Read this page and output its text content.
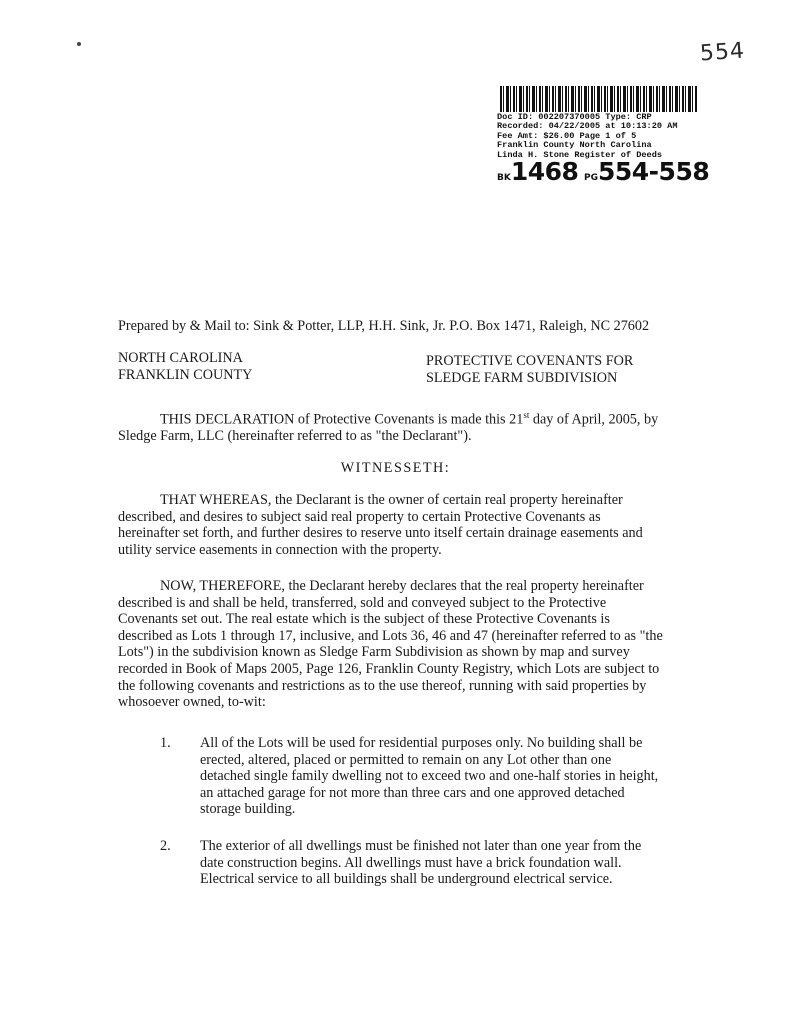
554
Doc ID: 002207370005 Type: CRP
Recorded: 04/22/2005 at 10:13:20 AM
Fee Amt: $26.00 Page 1 of 5
Franklin County North Carolina
Linda H. Stone Register of Deeds
BK1468 PG554-558
Prepared by & Mail to: Sink & Potter, LLP, H.H. Sink, Jr. P.O. Box 1471, Raleigh, NC 27602
NORTH CAROLINA
FRANKLIN COUNTY
PROTECTIVE COVENANTS FOR
SLEDGE FARM SUBDIVISION
THIS DECLARATION of Protective Covenants is made this 21st day of April, 2005, by Sledge Farm, LLC (hereinafter referred to as "the Declarant").
WITNESSETH:
THAT WHEREAS, the Declarant is the owner of certain real property hereinafter described, and desires to subject said real property to certain Protective Covenants as hereinafter set forth, and further desires to reserve unto itself certain drainage easements and utility service easements in connection with the property.
NOW, THEREFORE, the Declarant hereby declares that the real property hereinafter described is and shall be held, transferred, sold and conveyed subject to the Protective Covenants set out. The real estate which is the subject of these Protective Covenants is described as Lots 1 through 17, inclusive, and Lots 36, 46 and 47 (hereinafter referred to as "the Lots") in the subdivision known as Sledge Farm Subdivision as shown by map and survey recorded in Book of Maps 2005, Page 126, Franklin County Registry, which Lots are subject to the following covenants and restrictions as to the use thereof, running with said properties by whosoever owned, to-wit:
1. All of the Lots will be used for residential purposes only. No building shall be erected, altered, placed or permitted to remain on any Lot other than one detached single family dwelling not to exceed two and one-half stories in height, an attached garage for not more than three cars and one approved detached storage building.
2. The exterior of all dwellings must be finished not later than one year from the date construction begins. All dwellings must have a brick foundation wall. Electrical service to all buildings shall be underground electrical service.
